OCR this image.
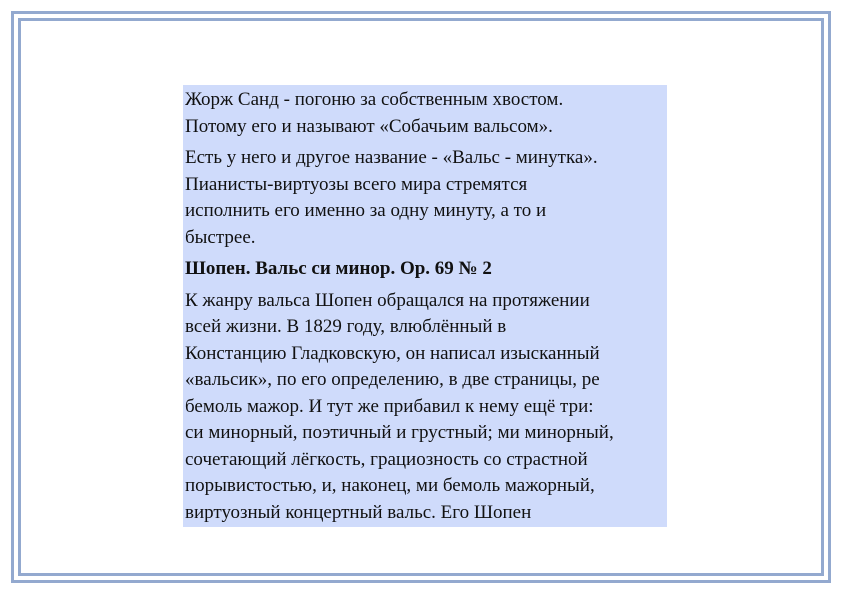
Жорж Санд - погоню за собственным хвостом.
Потому его и называют «Собачьим вальсом».
Есть у него и другое название - «Вальс - минутка».
Пианисты-виртуозы всего мира стремятся
исполнить его именно за одну минуту, а то и
быстрее.
Шопен. Вальс си минор. Op. 69 № 2
К жанру вальса Шопен обращался на протяжении
всей жизни. В 1829 году, влюблённый в
Констанцию Гладковскую, он написал изысканный
«вальсик», по его определению, в две страницы, ре
бемоль мажор. И тут же прибавил к нему ещё три:
си минорный, поэтичный и грустный; ми минорный,
сочетающий лёгкость, грациозность со страстной
порывистостью, и, наконец, ми бемоль мажорный,
виртуозный концертный вальс. Его Шопен
